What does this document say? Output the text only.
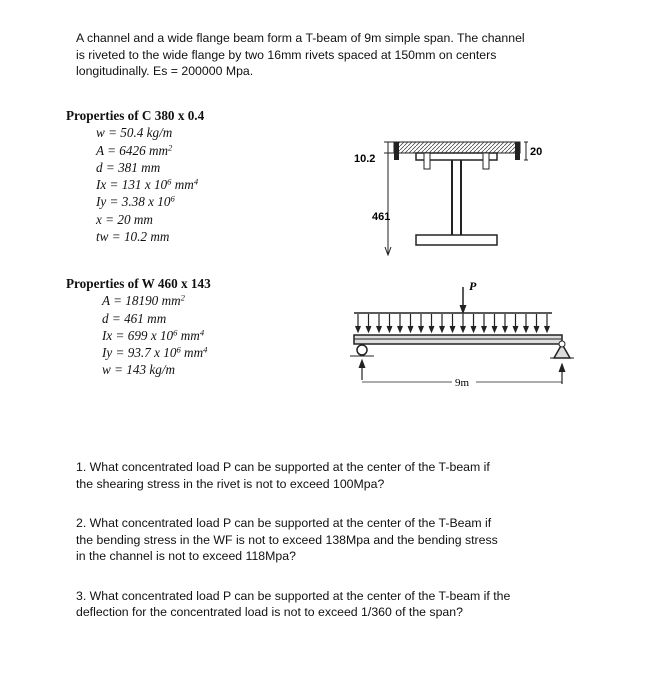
A channel and a wide flange beam form a T-beam of 9m simple span. The channel

is riveted to the wide flange by two 16mm rivets spaced at 150mm on centers

longitudinally. Es = 200000 Mpa.

Properties of C 380 x 0.4
w = 50.4 kg/m
A = 6426 $mm^2$
d = 381 mm
Ix = 131 x $10^6$ $mm^4$
Iy = 3.38 x $10^6$
x = 20 mm
tw = 10.2 mm
Properties of W 460 x 143
A = 18190 $mm^2$
d = 461 mm
Ix = 699 x $10^6$ $mm^4$
Iy = 93.7 x $10^6$ $mm^4$
w = 143 kg/m
10.2
20
461
P
9m
1. What concentrated load P can be supported at the center of the T-beam if
the shearing stress in the rivet is not to exceed 100Mpa?
2. What concentrated load P can be supported at the center of the T-Beam if
the bending stress in the WF is not to exceed 138Mpa and the bending stress
in the channel is not to exceed 118Mpa?
3. What concentrated load P can be supported at the center of the T-beam if the
deflection for the concentrated load is not to exceed 1/360 of the span?
